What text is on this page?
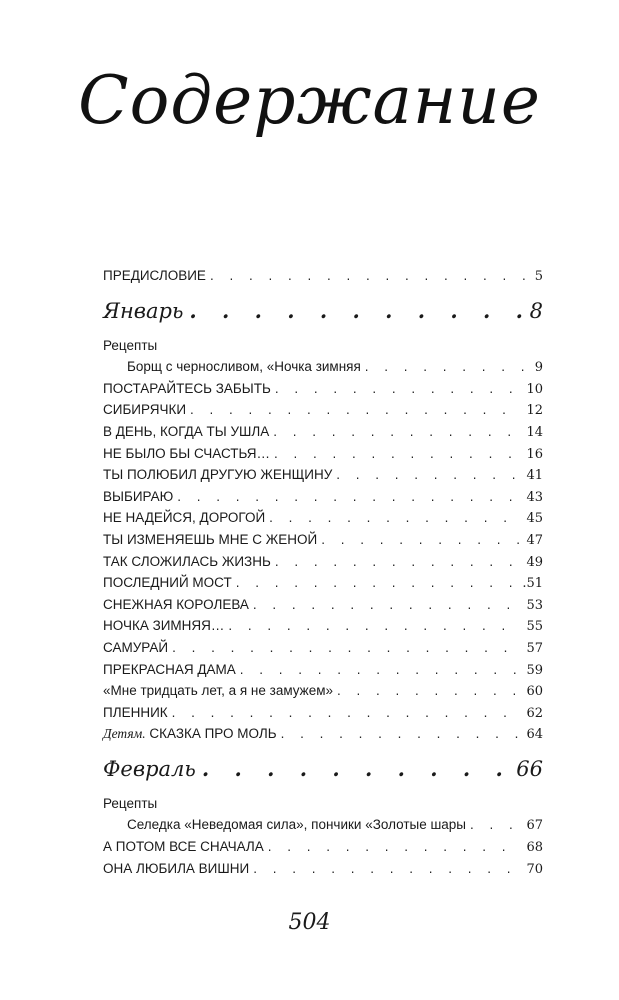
Содержание
ПРЕДИСЛОВИЕ . . .	5
Январь . . .	8
Рецепты
Борщ с черносливом, «Ночка зимняя . . .	9
ПОСТАРАЙТЕСЬ ЗАБЫТЬ . . .	10
СИБИРЯЧКИ . . .	12
В ДЕНЬ, КОГДА ТЫ УШЛА . . .	14
НЕ БЫЛО БЫ СЧАСТЬЯ… . . .	16
ТЫ ПОЛЮБИЛ ДРУГУЮ ЖЕНЩИНУ . . .	41
ВЫБИРАЮ . . .	43
НЕ НАДЕЙСЯ, ДОРОГОЙ . . .	45
ТЫ ИЗМЕНЯЕШЬ МНЕ С ЖЕНОЙ . . .	47
ТАК СЛОЖИЛАСЬ ЖИЗНЬ . . .	49
ПОСЛЕДНИЙ МОСТ . . .	.51
СНЕЖНАЯ КОРОЛЕВА . . .	53
НОЧКА ЗИМНЯЯ… . . .	55
САМУРАЙ . . .	57
ПРЕКРАСНАЯ ДАМА . . .	59
«Мне тридцать лет, а я не замужем» . . .	60
ПЛЕННИК . . .	62
Детям. СКАЗКА ПРО МОЛЬ . . .	64
Февраль . . .	66
Рецепты
Селедка «Неведомая сила», пончики «Золотые шары . . .	67
А ПОТОМ ВСЕ СНАЧАЛА . . .	68
ОНА ЛЮБИЛА ВИШНИ . . .	70
504
